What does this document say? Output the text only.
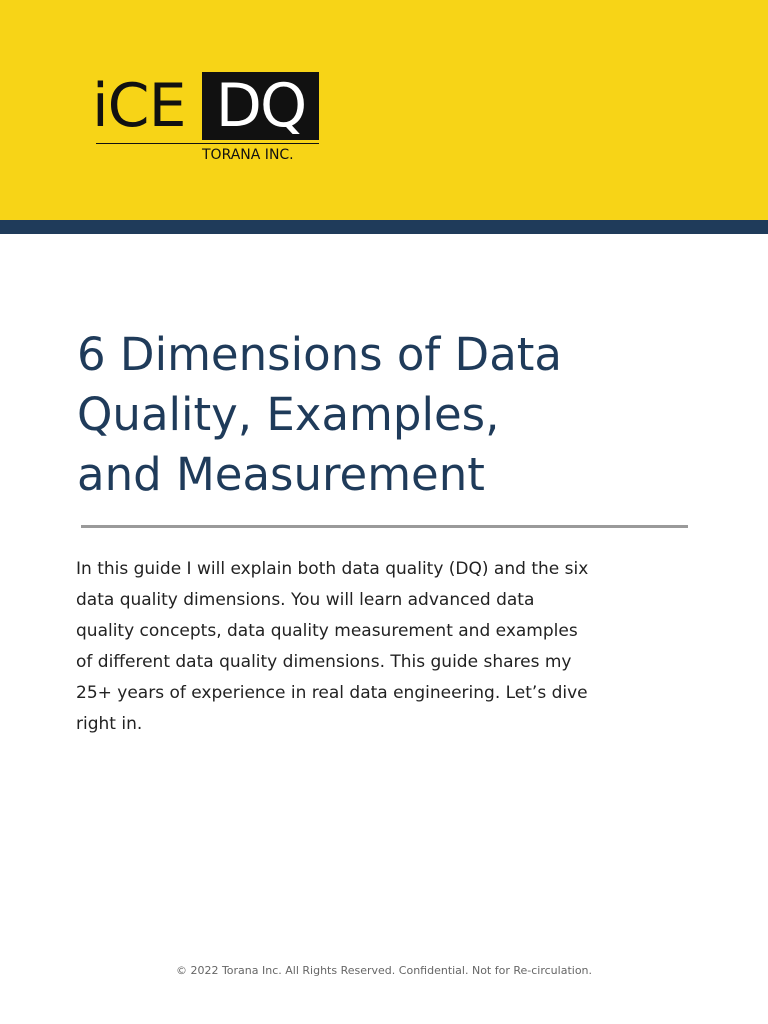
iCE DQ
TORANA INC.
6 Dimensions of Data
Quality, Examples,
and Measurement

In this guide I will explain both data quality (DQ) and the six
data quality dimensions. You will learn advanced data
quality concepts, data quality measurement and examples
of different data quality dimensions. This guide shares my
25+ years of experience in real data engineering. Let’s dive
right in.

© 2022 Torana Inc. All Rights Reserved. Confidential. Not for Re-circulation.
